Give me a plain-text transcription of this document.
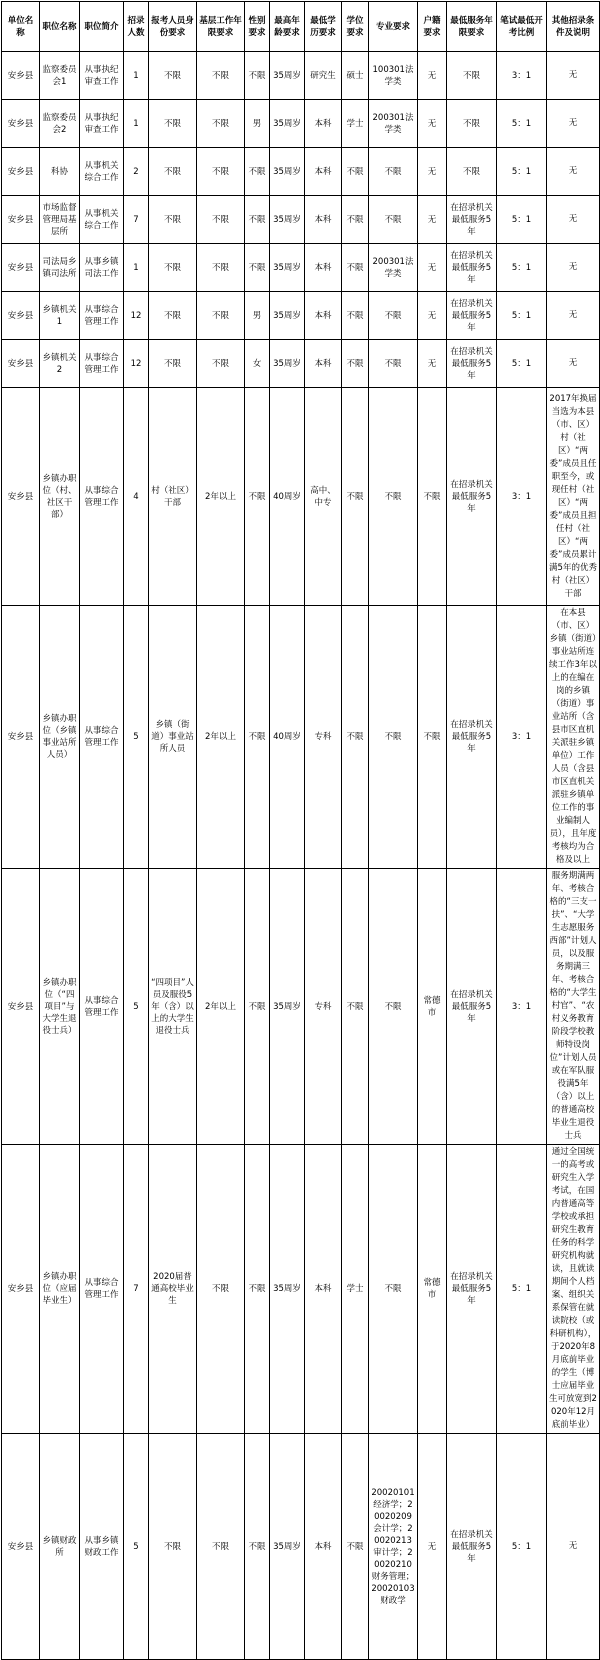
单位名称	职位名称	职位简介	招录人数	报考人员身份要求	基层工作年限要求	性别要求	最高年龄要求	最低学历要求	学位要求	专业要求	户籍要求	最低服务年限要求	笔试最低开考比例	其他招录条件及说明
安乡县	监察委员会1	从事执纪审查工作	1	不限	不限	不限	35周岁	研究生	硕士	100301法学类	无	不限	3：1	无
安乡县	监察委员会2	从事执纪审查工作	1	不限	不限	男	35周岁	本科	学士	200301法学类	无	不限	5：1	无
安乡县	科协	从事机关综合工作	2	不限	不限	不限	35周岁	本科	不限	不限	无	不限	5：1	无
安乡县	市场监督管理局基层所	从事机关综合工作	7	不限	不限	不限	35周岁	本科	不限	不限	无	在招录机关最低服务5年	5：1	无
安乡县	司法局乡镇司法所	从事乡镇司法工作	1	不限	不限	不限	35周岁	本科	不限	200301法学类	无	在招录机关最低服务5年	5：1	无
安乡县	乡镇机关1	从事综合管理工作	12	不限	不限	男	35周岁	本科	不限	不限	无	在招录机关最低服务5年	5：1	无
安乡县	乡镇机关2	从事综合管理工作	12	不限	不限	女	35周岁	本科	不限	不限	无	在招录机关最低服务5年	5：1	无
安乡县	乡镇办职位（村、社区干部）	从事综合管理工作	4	村（社区）干部	2年以上	不限	40周岁	高中、中专	不限	不限	不限	在招录机关最低服务5年	3：1	2017年换届当选为本县（市、区）村（社区）“两委”成员且任职至今，或现任村（社区）“两委”成员且担任村（社区）“两委”成员累计满5年的优秀村（社区）干部
安乡县	乡镇办职位（乡镇事业站所人员）	从事综合管理工作	5	乡镇（街道）事业站所人员	2年以上	不限	40周岁	专科	不限	不限	不限	在招录机关最低服务5年	3：1	在本县（市、区）乡镇（街道）事业站所连续工作3年以上的在编在岗的乡镇（街道）事业站所（含县市区直机关派驻乡镇单位）工作人员（含县市区直机关派驻乡镇单位工作的事业编制人员），且年度考核均为合格及以上
安乡县	乡镇办职位（“四项目”与大学生退役士兵）	从事综合管理工作	5	“四项目”人员及服役5年（含）以上的大学生退役士兵	2年以上	不限	35周岁	专科	不限	不限	常德市	在招录机关最低服务5年	3：1	服务期满两年、考核合格的“三支一扶”、“大学生志愿服务西部”计划人员，以及服务期满三年、考核合格的“大学生村官”、“农村义务教育阶段学校教师特设岗位”计划人员或在军队服役满5年（含）以上的普通高校毕业生退役士兵
安乡县	乡镇办职位（应届毕业生）	从事综合管理工作	7	2020届普通高校毕业生	不限	不限	35周岁	本科	学士	不限	常德市	在招录机关最低服务5年	5：1	通过全国统一的高考或研究生入学考试，在国内普通高等学校或承担研究生教育任务的科学研究机构就读，且就读期间个人档案、组织关系保管在就读院校（或科研机构），于2020年8月底前毕业的学生（博士应届毕业生可放宽到2020年12月底前毕业）
安乡县	乡镇财政所	从事乡镇财政工作	5	不限	不限	不限	35周岁	本科	不限	20020101经济学；20020209会计学；20020213审计学；20020210财务管理；20020103财政学	无	在招录机关最低服务5年	5：1	无
